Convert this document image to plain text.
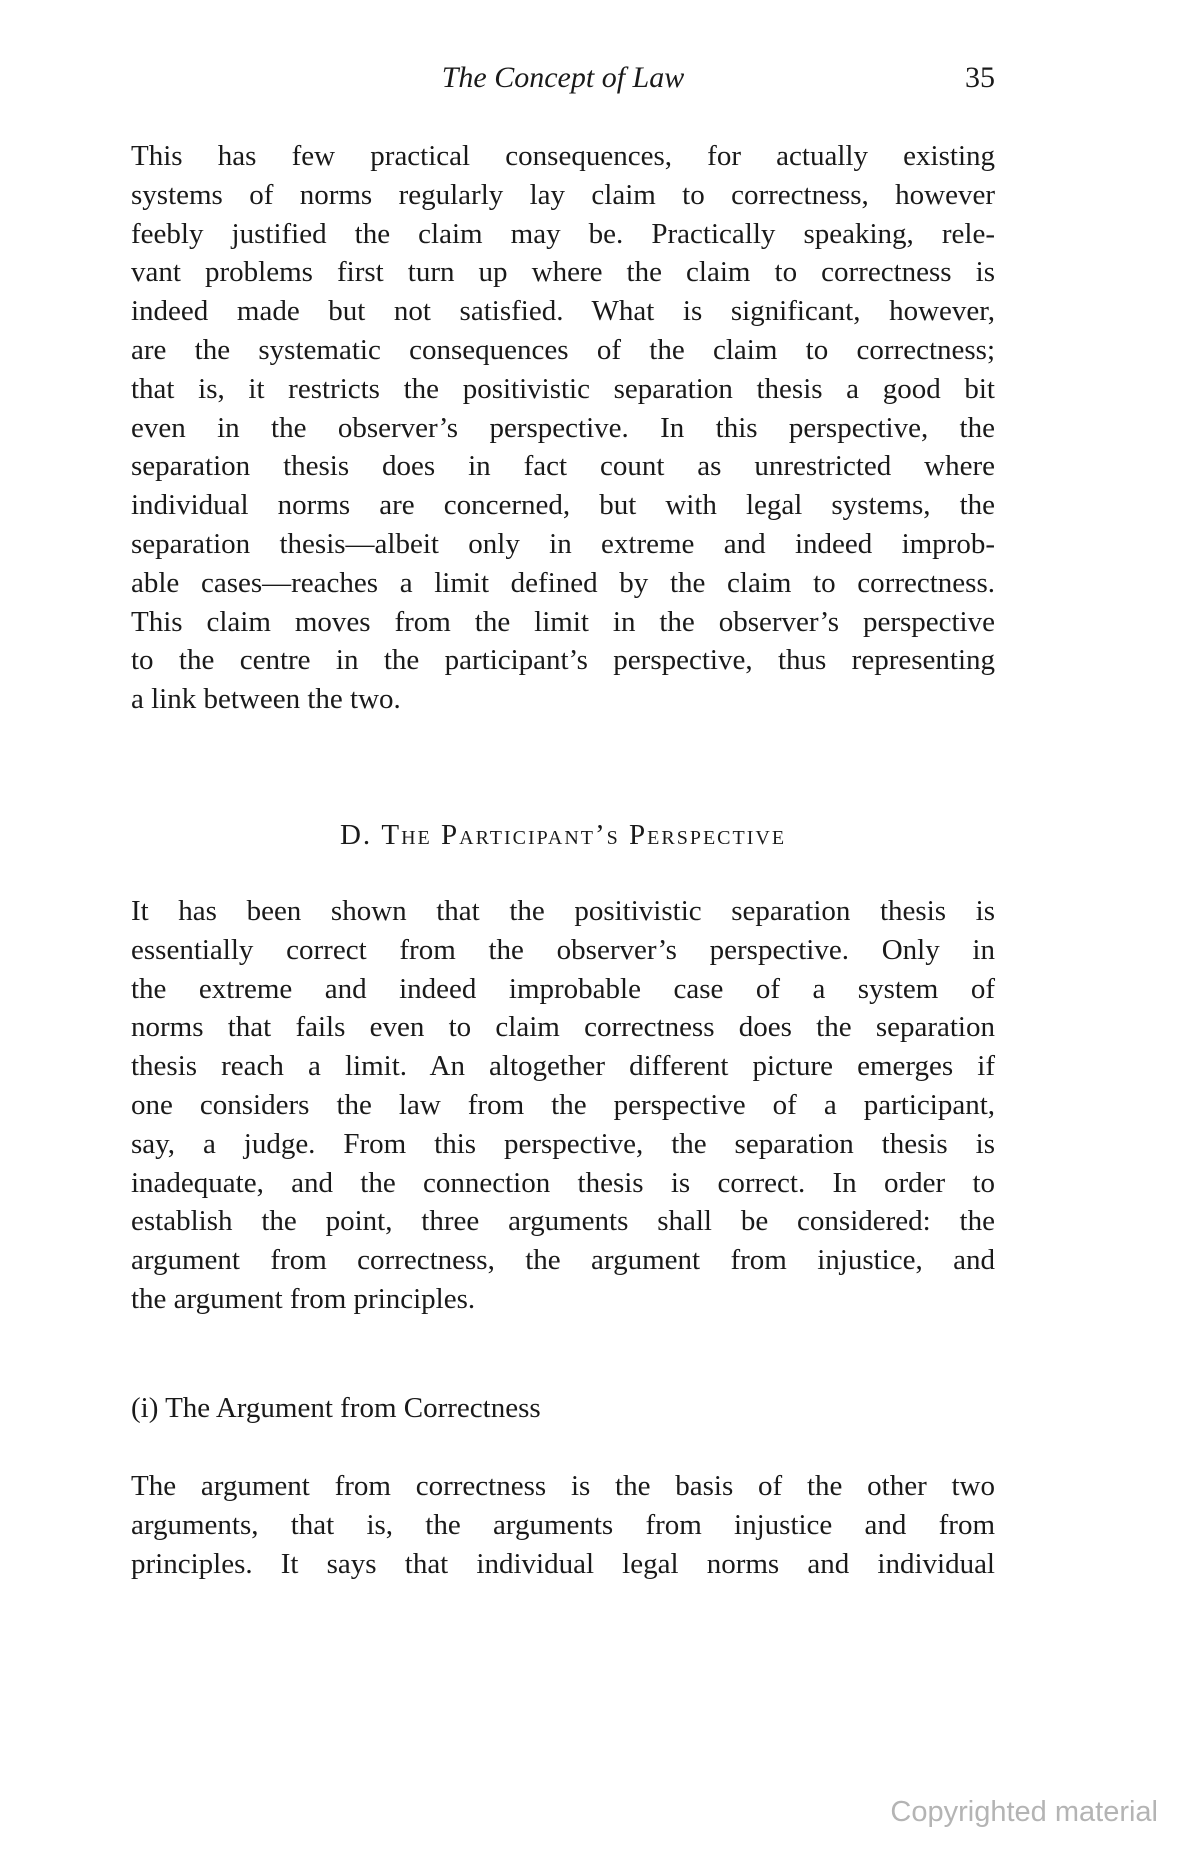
The Concept of Law	35
This has few practical consequences, for actually existing
systems of norms regularly lay claim to correctness, however
feebly justified the claim may be. Practically speaking, rele-
vant problems first turn up where the claim to correctness is
indeed made but not satisfied. What is significant, however,
are the systematic consequences of the claim to correctness;
that is, it restricts the positivistic separation thesis a good bit
even in the observer’s perspective. In this perspective, the
separation thesis does in fact count as unrestricted where
individual norms are concerned, but with legal systems, the
separation thesis—albeit only in extreme and indeed improb-
able cases—reaches a limit defined by the claim to correctness.
This claim moves from the limit in the observer’s perspective
to the centre in the participant’s perspective, thus representing
a link between the two.
D. The Participant’s Perspective
It has been shown that the positivistic separation thesis is
essentially correct from the observer’s perspective. Only in
the extreme and indeed improbable case of a system of
norms that fails even to claim correctness does the separation
thesis reach a limit. An altogether different picture emerges if
one considers the law from the perspective of a participant,
say, a judge. From this perspective, the separation thesis is
inadequate, and the connection thesis is correct. In order to
establish the point, three arguments shall be considered: the
argument from correctness, the argument from injustice, and
the argument from principles.
(i) The Argument from Correctness
The argument from correctness is the basis of the other two
arguments, that is, the arguments from injustice and from
principles. It says that individual legal norms and individual
Copyrighted material
